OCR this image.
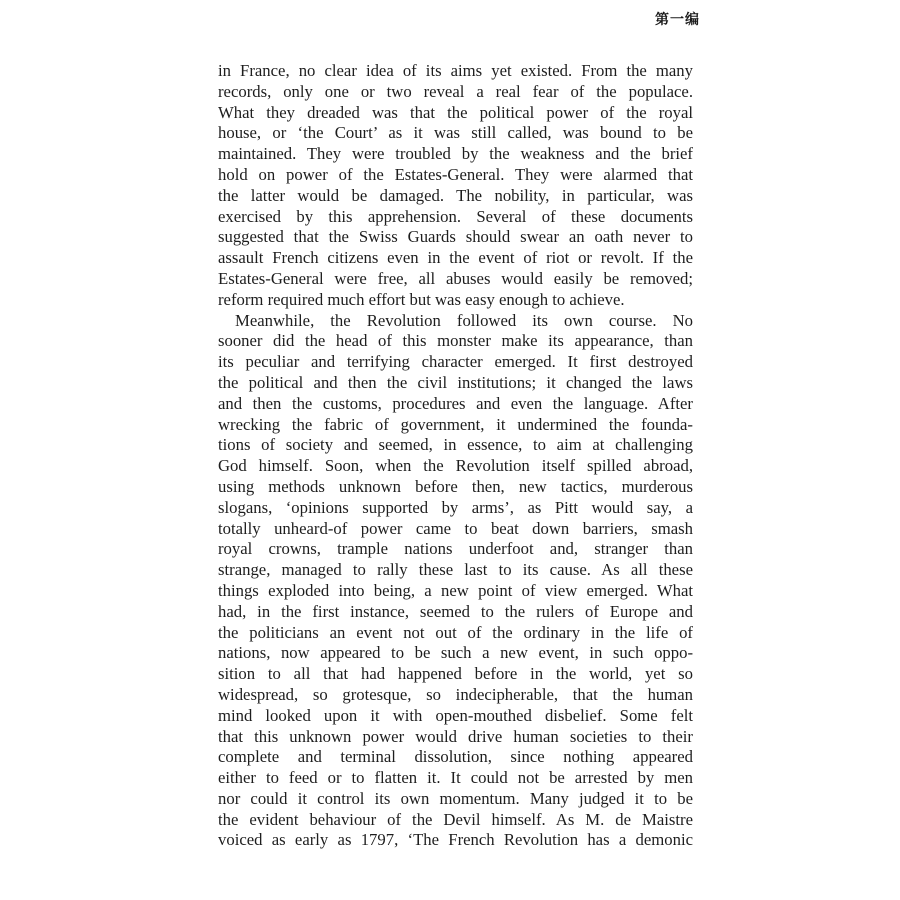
第一编
in France, no clear idea of its aims yet existed. From the many
records, only one or two reveal a real fear of the populace.
What they dreaded was that the political power of the royal
house, or ‘the Court’ as it was still called, was bound to be
maintained. They were troubled by the weakness and the brief
hold on power of the Estates-General. They were alarmed that
the latter would be damaged. The nobility, in particular, was
exercised by this apprehension. Several of these documents
suggested that the Swiss Guards should swear an oath never to
assault French citizens even in the event of riot or revolt. If the
Estates-General were free, all abuses would easily be removed;
reform required much effort but was easy enough to achieve.
Meanwhile, the Revolution followed its own course. No
sooner did the head of this monster make its appearance, than
its peculiar and terrifying character emerged. It first destroyed
the political and then the civil institutions; it changed the laws
and then the customs, procedures and even the language. After
wrecking the fabric of government, it undermined the founda-
tions of society and seemed, in essence, to aim at challenging
God himself. Soon, when the Revolution itself spilled abroad,
using methods unknown before then, new tactics, murderous
slogans, ‘opinions supported by arms’, as Pitt would say, a
totally unheard-of power came to beat down barriers, smash
royal crowns, trample nations underfoot and, stranger than
strange, managed to rally these last to its cause. As all these
things exploded into being, a new point of view emerged. What
had, in the first instance, seemed to the rulers of Europe and
the politicians an event not out of the ordinary in the life of
nations, now appeared to be such a new event, in such oppo-
sition to all that had happened before in the world, yet so
widespread, so grotesque, so indecipherable, that the human
mind looked upon it with open-mouthed disbelief. Some felt
that this unknown power would drive human societies to their
complete and terminal dissolution, since nothing appeared
either to feed or to flatten it. It could not be arrested by men
nor could it control its own momentum. Many judged it to be
the evident behaviour of the Devil himself. As M. de Maistre
voiced as early as 1797, ‘The French Revolution has a demonic
